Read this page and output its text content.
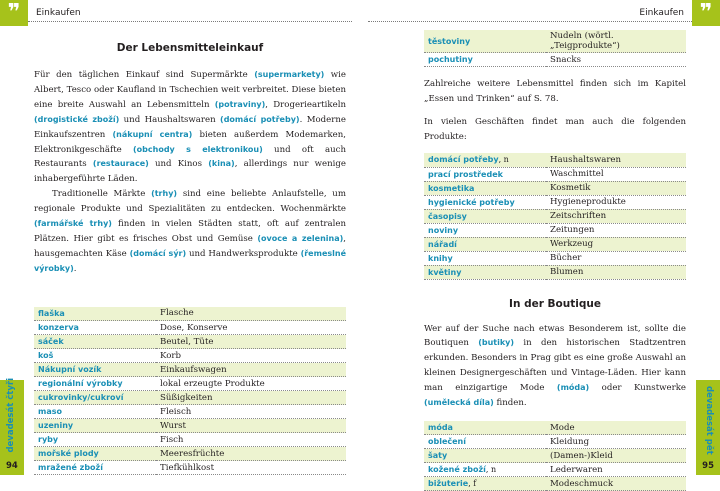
❞	Einkaufen
Der Lebensmitteleinkauf

Für den täglichen Einkauf sind Supermärkte (supermarkety) wie Albert, Tesco oder Kaufland in Tschechien weit verbreitet. Diese bieten eine breite Auswahl an Lebensmitteln (potraviny), Drogerieartikeln (drogistické zboží) und Haushaltswaren (domácí potřeby). Moderne Einkaufszentren (nákupní centra) bieten außerdem Modemarken, Elektronikgeschäfte (obchody s elektronikou) und oft auch Restaurants (restaurace) und Kinos (kina), allerdings nur wenige inhabergeführte Läden.

Traditionelle Märkte (trhy) sind eine beliebte Anlaufstelle, um regionale Produkte und Spezialitäten zu entdecken. Wochenmärkte (farmářské trhy) finden in vielen Städten statt, oft auf zentralen Plätzen. Hier gibt es frisches Obst und Gemüse (ovoce a zelenina), hausgemachten Käse (domácí sýr) und Handwerksprodukte (řemeslné výrobky).

flaška	Flasche
konzerva	Dose, Konserve
sáček	Beutel, Tüte
koš	Korb
Nákupní vozík	Einkaufswagen
regionální výrobky	lokal erzeugte Produkte
cukrovinky/cukroví	Süßigkeiten
maso	Fleisch
uzeniny	Wurst
ryby	Fisch
mořské plody	Meeresfrüchte
mražené zboží	Tiefkühlkost
devadesát čtyři
94
❞
Einkaufen
těstoviny	Nudeln (wörtl. „Teigprodukte“)
pochutiny	Snacks

Zahlreiche weitere Lebensmittel finden sich im Kapitel „Essen und Trinken“ auf S. 78.

In vielen Geschäften findet man auch die folgenden Produkte:

domácí potřeby, n	Haushaltswaren
prací prostředek	Waschmittel
kosmetika	Kosmetik
hygienické potřeby	Hygieneprodukte
časopisy	Zeitschriften
noviny	Zeitungen
nářadí	Werkzeug
knihy	Bücher
květiny	Blumen
In der Boutique

Wer auf der Suche nach etwas Besonderem ist, sollte die Boutiquen (butiky) in den historischen Stadtzentren erkunden. Besonders in Prag gibt es eine große Auswahl an kleinen Designergeschäften und Vintage-Läden. Hier kann man einzigartige Mode (móda) oder Kunstwerke (umělecká díla) finden.

móda	Mode
oblečení	Kleidung
šaty	(Damen-)Kleid
kožené zboží, n	Lederwaren
bižuterie, f	Modeschmuck
devadesát pět
95
